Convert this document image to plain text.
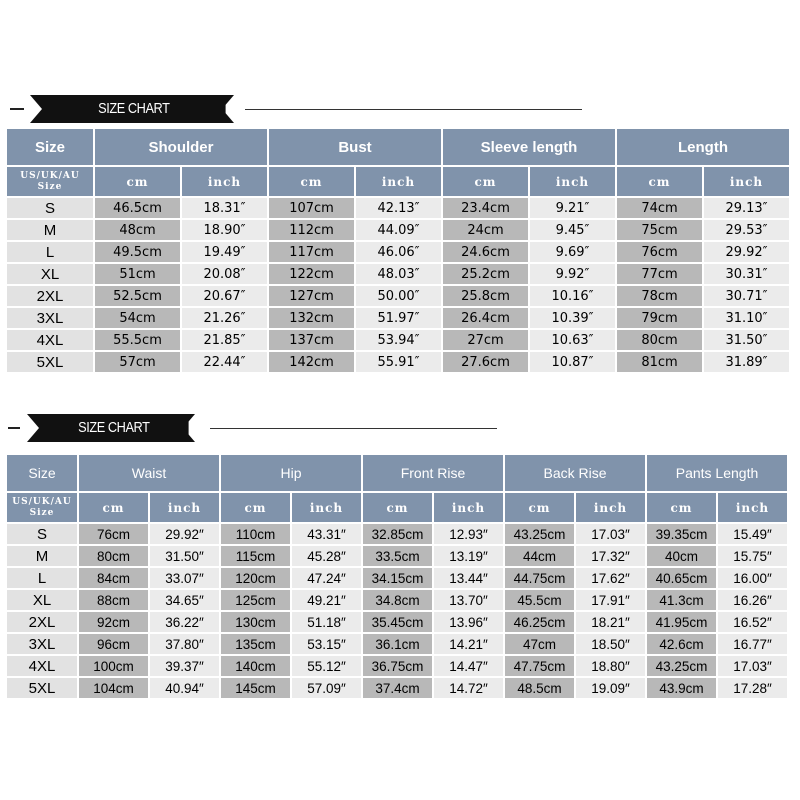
SIZE CHART
Size	Shoulder	Bust	Sleeve length	Length
US/UK/AU
Size	cm	inch	cm	inch	cm	inch	cm	inch
S	46.5cm	18.31″	107cm	42.13″	23.4cm	9.21″	74cm	29.13″
M	48cm	18.90″	112cm	44.09″	24cm	9.45″	75cm	29.53″
L	49.5cm	19.49″	117cm	46.06″	24.6cm	9.69″	76cm	29.92″
XL	51cm	20.08″	122cm	48.03″	25.2cm	9.92″	77cm	30.31″
2XL	52.5cm	20.67″	127cm	50.00″	25.8cm	10.16″	78cm	30.71″
3XL	54cm	21.26″	132cm	51.97″	26.4cm	10.39″	79cm	31.10″
4XL	55.5cm	21.85″	137cm	53.94″	27cm	10.63″	80cm	31.50″
5XL	57cm	22.44″	142cm	55.91″	27.6cm	10.87″	81cm	31.89″
SIZE CHART
Size	Waist	Hip	Front Rise	Back Rise	Pants Length
US/UK/AU
Size	cm	inch	cm	inch	cm	inch	cm	inch	cm	inch
S	76cm	29.92″	110cm	43.31″	32.85cm	12.93″	43.25cm	17.03″	39.35cm	15.49″
M	80cm	31.50″	115cm	45.28″	33.5cm	13.19″	44cm	17.32″	40cm	15.75″
L	84cm	33.07″	120cm	47.24″	34.15cm	13.44″	44.75cm	17.62″	40.65cm	16.00″
XL	88cm	34.65″	125cm	49.21″	34.8cm	13.70″	45.5cm	17.91″	41.3cm	16.26″
2XL	92cm	36.22″	130cm	51.18″	35.45cm	13.96″	46.25cm	18.21″	41.95cm	16.52″
3XL	96cm	37.80″	135cm	53.15″	36.1cm	14.21″	47cm	18.50″	42.6cm	16.77″
4XL	100cm	39.37″	140cm	55.12″	36.75cm	14.47″	47.75cm	18.80″	43.25cm	17.03″
5XL	104cm	40.94″	145cm	57.09″	37.4cm	14.72″	48.5cm	19.09″	43.9cm	17.28″
